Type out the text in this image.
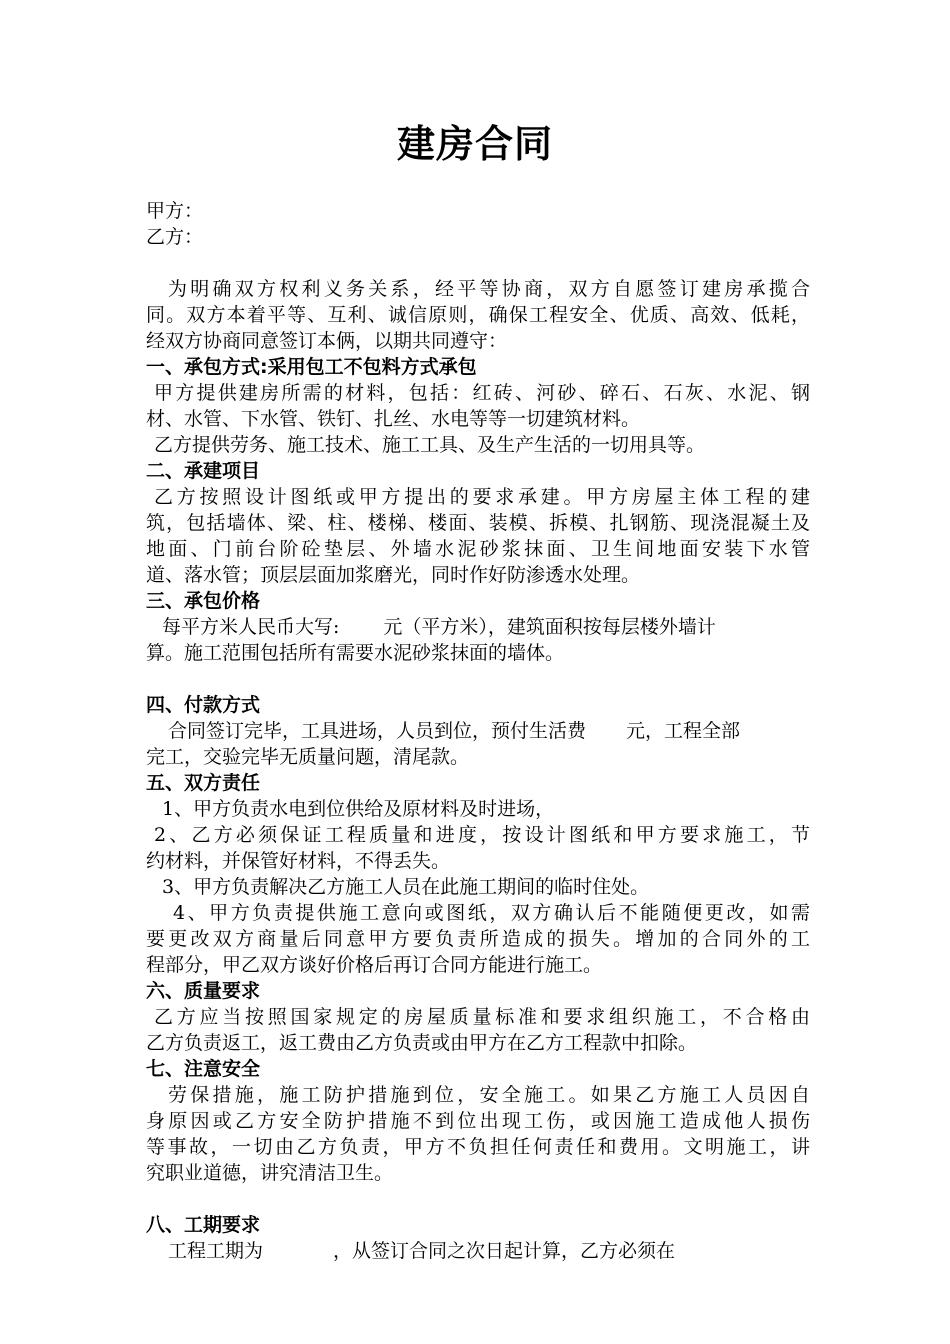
建房合同
甲方：
乙方：
为明确双方权利义务关系，经平等协商，双方自愿签订建房承揽合
同。双方本着平等、互利、诚信原则，确保工程安全、优质、高效、低耗，
经双方协商同意签订本俩，以期共同遵守：
一、承包方式:采用包工不包料方式承包
甲方提供建房所需的材料，包括：红砖、河砂、碎石、石灰、水泥、钢
材、水管、下水管、铁钉、扎丝、水电等等一切建筑材料。
乙方提供劳务、施工技术、施工工具、及生产生活的一切用具等。
二、承建项目
乙方按照设计图纸或甲方提出的要求承建。甲方房屋主体工程的建
筑，包括墙体、梁、柱、楼梯、楼面、装模、拆模、扎钢筋、现浇混凝土及
地面、门前台阶砼垫层、外墙水泥砂浆抹面、卫生间地面安装下水管
道、落水管；顶层层面加浆磨光，同时作好防渗透水处理。
三、承包价格
每平方米人民币大写: 元（平方米），建筑面积按每层楼外墙计
算。施工范围包括所有需要水泥砂浆抹面的墙体。
四、付款方式
合同签订完毕，工具进场，人员到位，预付生活费 元，工程全部
完工，交验完毕无质量问题，清尾款。
五、双方责任
1、甲方负责水电到位供给及原材料及时进场，
2、乙方必须保证工程质量和进度，按设计图纸和甲方要求施工，节
约材料，并保管好材料，不得丢失。
3、甲方负责解决乙方施工人员在此施工期间的临时住处。
4、甲方负责提供施工意向或图纸，双方确认后不能随便更改，如需
要更改双方商量后同意甲方要负责所造成的损失。增加的合同外的工
程部分，甲乙双方谈好价格后再订合同方能进行施工。
六、质量要求
乙方应当按照国家规定的房屋质量标准和要求组织施工，不合格由
乙方负责返工，返工费由乙方负责或由甲方在乙方工程款中扣除。
七、注意安全
劳保措施，施工防护措施到位，安全施工。如果乙方施工人员因自
身原因或乙方安全防护措施不到位出现工伤，或因施工造成他人损伤
等事故，一切由乙方负责，甲方不负担任何责任和费用。文明施工，讲
究职业道德，讲究清洁卫生。
八、工期要求
工程工期为	，从签订合同之次日起计算，乙方必须在
